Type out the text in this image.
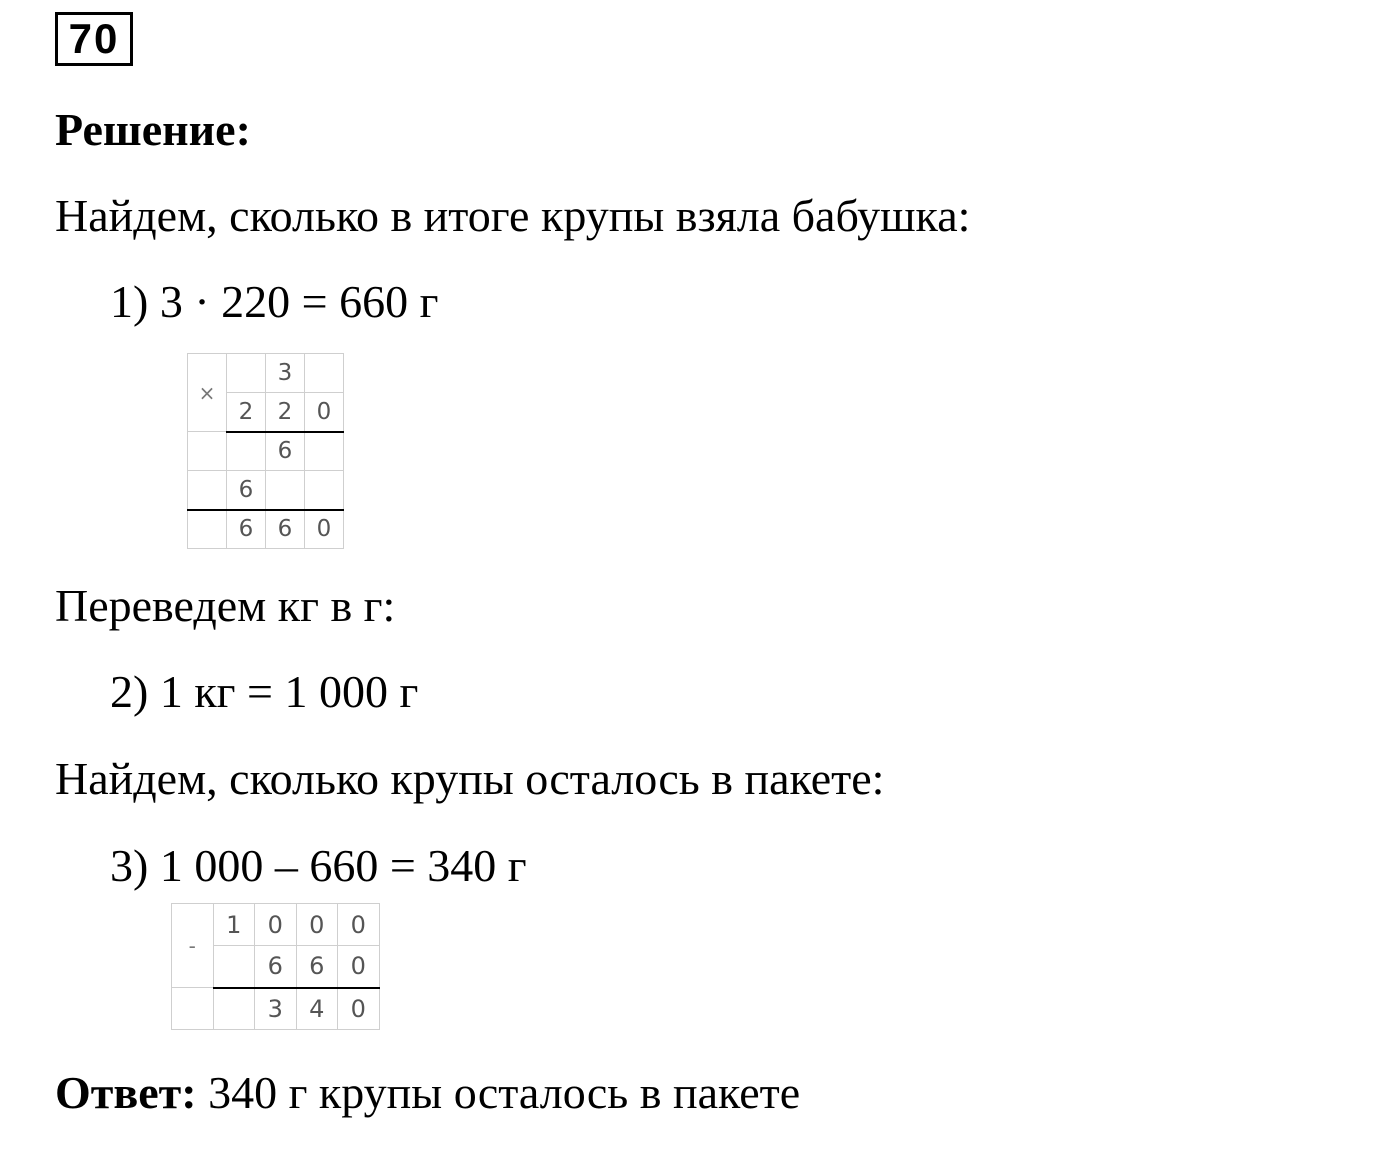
70
Решение:
Найдем, сколько в итоге крупы взяла бабушка:
1) 3 · 220 = 660 г
×		3	
	2	2	0
		6	
	6		
	6	6	0
Переведем кг в г:
2) 1 кг = 1 000 г
Найдем, сколько крупы осталось в пакете:
3) 1 000 – 660 = 340 г
-	1	0	0	0
		6	6	0
		3	4	0
Ответ: 340 г крупы осталось в пакете
